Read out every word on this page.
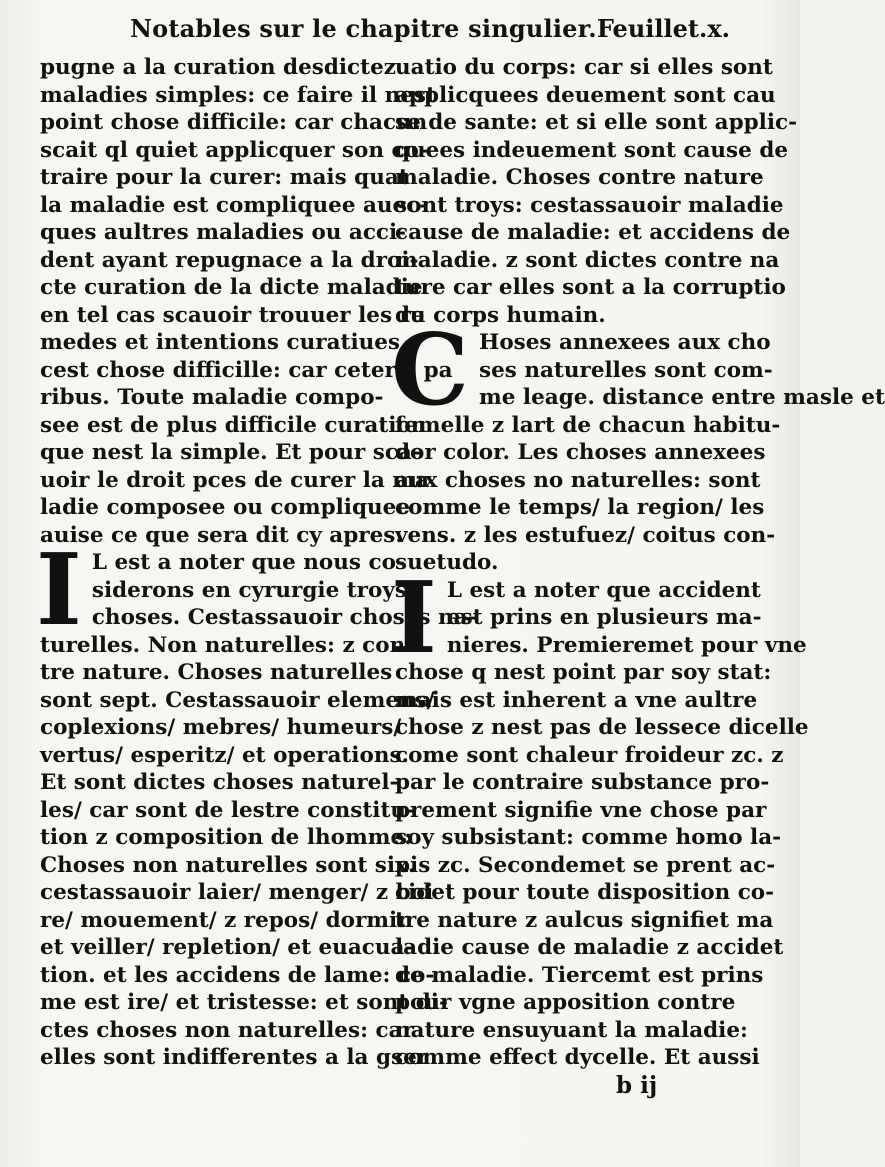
Notables sur le chapitre singulier. Feuillet.x.
pugne a la curation desdictez
maladies simples: ce faire il nest
point chose difficile: car chacun
scait ql quiet applicquer son co-
traire pour la curer: mais quat
la maladie est compliquee auec-
ques aultres maladies ou acci-
dent ayant repugnace a la droi-
cte curation de la dicte maladie
en tel cas scauoir trouuer les re
medes et intentions curatiues
cest chose difficille: car ceteris pa
ribus. Toute maladie compo-
see est de plus difficile curation
que nest la simple. Et pour sca-
uoir le droit pces de curer la ma
ladie composee ou compliquee
auise ce que sera dit cy apres.
I L est a noter que nous co-
siderons en cyrurgie troys
choses. Cestassauoir choses na-
turelles. Non naturelles: z con-
tre nature. Choses naturelles
sont sept. Cestassauoir elemens/
coplexions/ mebres/ humeurs/
vertus/ esperitz/ et operations.
Et sont dictes choses naturel-
les/ car sont de lestre constitu-
tion z composition de lhomme:
Choses non naturelles sont six.
cestassauoir laier/ menger/ z boi
re/ mouement/ z repos/ dormir
et veiller/ repletion/ et euacua-
tion. et les accidens de lame: co-
me est ire/ et tristesse: et sont di-
ctes choses non naturelles: car
elles sont indifferentes a la gser
uatio du corps: car si elles sont
applicquees deuement sont cau
se de sante: et si elle sont applic-
quees indeuement sont cause de
maladie. Choses contre nature
sont troys: cestassauoir maladie
cause de maladie: et accidens de
maladie. z sont dictes contre na
ture car elles sont a la corruptio
du corps humain.
C Hoses annexees aux cho
ses naturelles sont com-
me leage. distance entre masle et
femelle z lart de chacun habitu-
dor color. Les choses annexees
aux choses no naturelles: sont
comme le temps/ la region/ les
vens. z les estufuez/ coitus con-
suetudo.
I L est a noter que accident
est prins en plusieurs ma-
nieres. Premieremet pour vne
chose q nest point par soy stat:
mais est inherent a vne aultre
chose z nest pas de lessece dicelle
come sont chaleur froideur zc. z
par le contraire substance pro-
prement signifie vne chose par
soy subsistant: comme homo la-
pis zc. Secondemet se prent ac-
cidet pour toute disposition co-
tre nature z aulcus signifiet ma
ladie cause de maladie z accidet
de maladie. Tiercemt est prins
pour vgne apposition contre
nature ensuyuant la maladie:
comme effect dycelle. Et aussi
b ij
